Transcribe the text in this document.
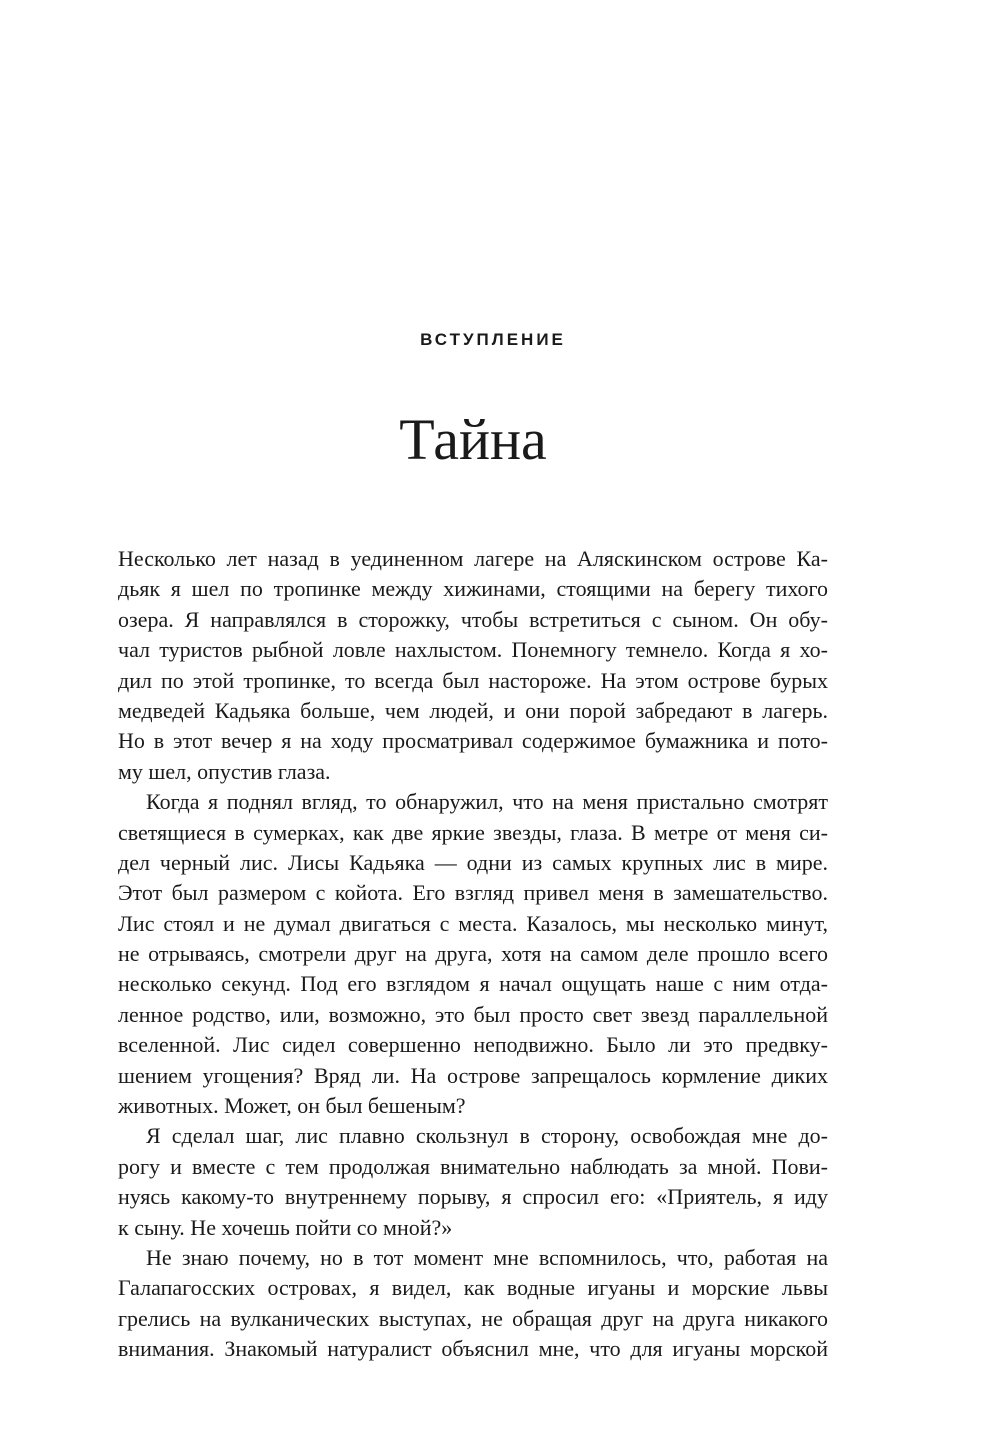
ВСТУПЛЕНИЕ
Тайна

Несколько лет назад в уединенном лагере на Аляскинском острове Ка-
дьяк я шел по тропинке между хижинами, стоящими на берегу тихого
озера. Я направлялся в сторожку, чтобы встретиться с сыном. Он обу-
чал туристов рыбной ловле нахлыстом. Понемногу темнело. Когда я хо-
дил по этой тропинке, то всегда был настороже. На этом острове бурых
медведей Кадьяка больше, чем людей, и они порой забредают в лагерь.
Но в этот вечер я на ходу просматривал содержимое бумажника и пото-
му шел, опустив глаза.

Когда я поднял вгляд, то обнаружил, что на меня пристально смотрят
светящиеся в сумерках, как две яркие звезды, глаза. В метре от меня си-
дел черный лис. Лисы Кадьяка — одни из самых крупных лис в мире.
Этот был размером с койота. Его взгляд привел меня в замешательство.
Лис стоял и не думал двигаться с места. Казалось, мы несколько минут,
не отрываясь, смотрели друг на друга, хотя на самом деле прошло всего
несколько секунд. Под его взглядом я начал ощущать наше с ним отда-
ленное родство, или, возможно, это был просто свет звезд параллельной
вселенной. Лис сидел совершенно неподвижно. Было ли это предвку-
шением угощения? Вряд ли. На острове запрещалось кормление диких
животных. Может, он был бешеным?

Я сделал шаг, лис плавно скользнул в сторону, освобождая мне до-
рогу и вместе с тем продолжая внимательно наблюдать за мной. Пови-
нуясь какому-то внутреннему порыву, я спросил его: «Приятель, я иду
к сыну. Не хочешь пойти со мной?»

Не знаю почему, но в тот момент мне вспомнилось, что, работая на
Галапагосских островах, я видел, как водные игуаны и морские львы
грелись на вулканических выступах, не обращая друг на друга никакого
внимания. Знакомый натуралист объяснил мне, что для игуаны морской
